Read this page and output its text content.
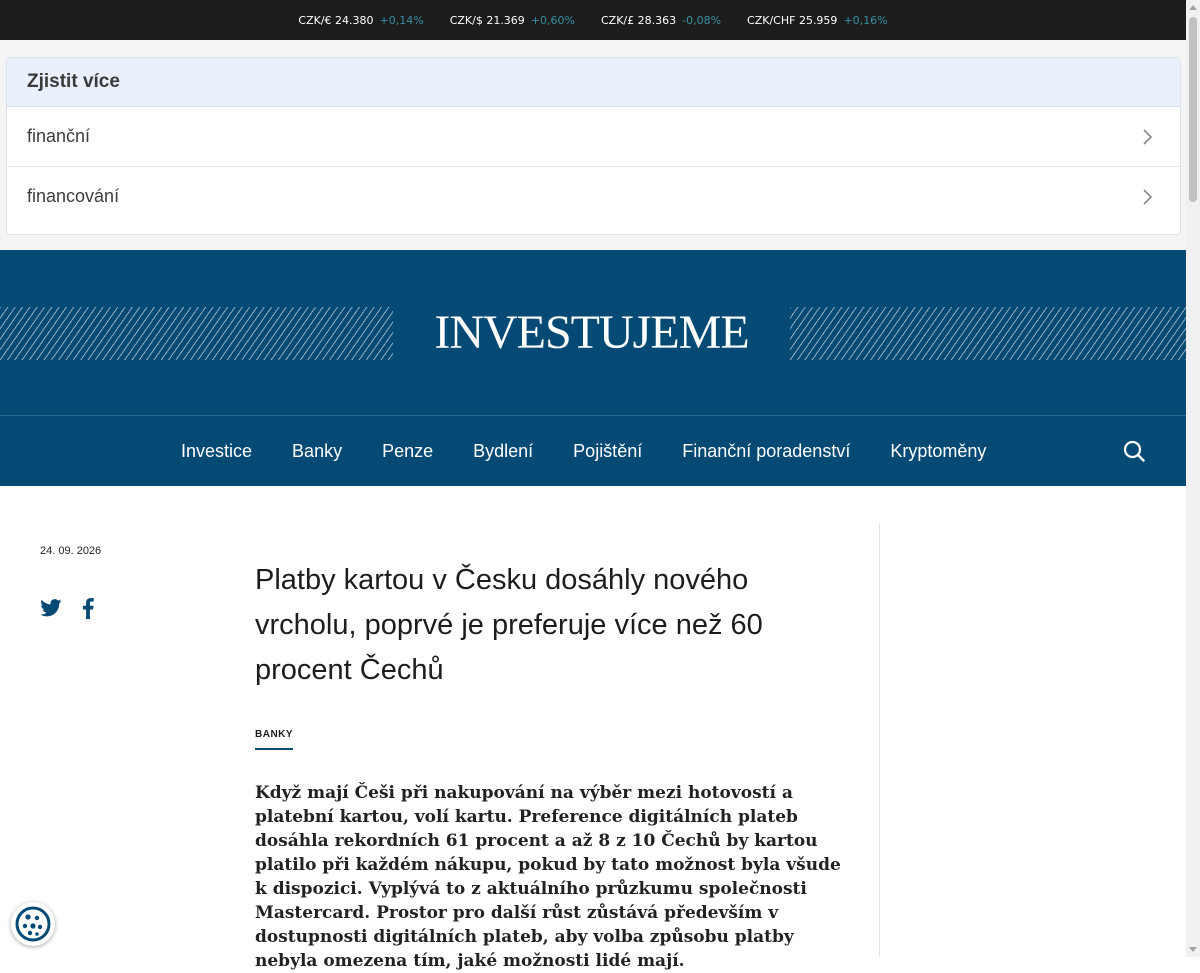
CZK/€ 24.380 +0,14% CZK/$ 21.369 +0,60% CZK/£ 28.363 -0,08% CZK/CHF 25.959 +0,16%
Zjistit více
finanční
financování
INVESTUJEME
Investice Banky Penze Bydlení Pojištění Finanční poradenství Kryptoměny
24. 09. 2026
Platby kartou v Česku dosáhly nového vrcholu, poprvé je preferuje více než 60 procent Čechů
BANKY

Když mají Češi při nakupování na výběr mezi hotovostí a platební kartou, volí kartu. Preference digitálních plateb dosáhla rekordních 61 procent a až 8 z 10 Čechů by kartou platilo při každém nákupu, pokud by tato možnost byla všude k dispozici. Vyplývá to z aktuálního průzkumu společnosti Mastercard. Prostor pro další růst zůstává především v dostupnosti digitálních plateb, aby volba způsobu platby nebyla omezena tím, jaké možnosti lidé mají.
